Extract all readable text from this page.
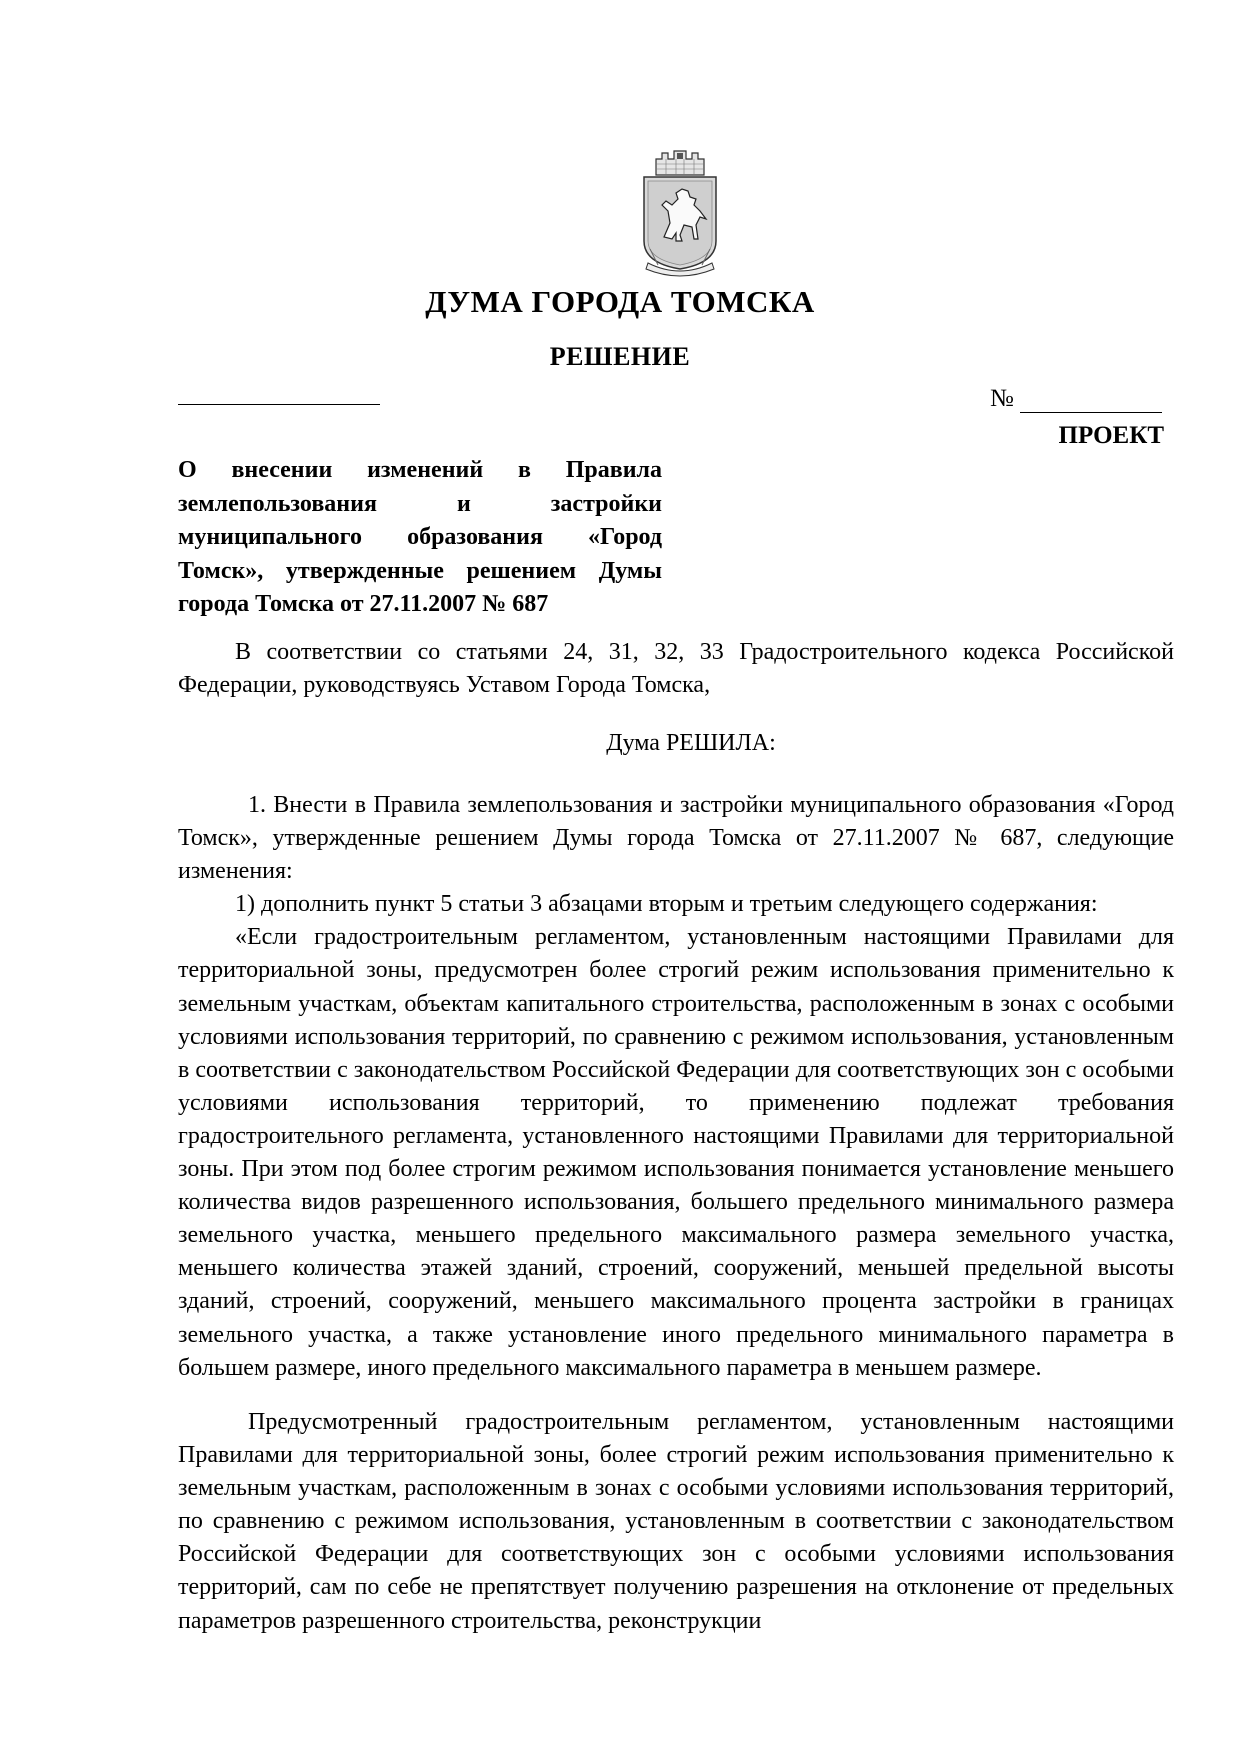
ДУМА ГОРОДА ТОМСКА
РЕШЕНИЕ
№
ПРОЕКТ
О внесении изменений в Правила
землепользования и застройки
муниципального образования «Город
Томск», утвержденные решением Думы
города Томска от 27.11.2007 № 687

В соответствии со статьями 24, 31, 32, 33 Градостроительного кодекса Российской Федерации, руководствуясь Уставом Города Томска,

Дума РЕШИЛА:

1. Внести в Правила землепользования и застройки муниципального образования «Город Томск», утвержденные решением Думы города Томска от 27.11.2007 № 687, следующие изменения:

1) дополнить пункт 5 статьи 3 абзацами вторым и третьим следующего содержания:

«Если градостроительным регламентом, установленным настоящими Правилами для территориальной зоны, предусмотрен более строгий режим использования применительно к земельным участкам, объектам капитального строительства, расположенным в зонах с особыми условиями использования территорий, по сравнению с режимом использования, установленным в соответствии с законодательством Российской Федерации для соответствующих зон с особыми условиями использования территорий, то применению подлежат требования градостроительного регламента, установленного настоящими Правилами для территориальной зоны. При этом под более строгим режимом использования понимается установление меньшего количества видов разрешенного использования, большего предельного минимального размера земельного участка, меньшего предельного максимального размера земельного участка, меньшего количества этажей зданий, строений, сооружений, меньшей предельной высоты зданий, строений, сооружений, меньшего максимального процента застройки в границах земельного участка, а также установление иного предельного минимального параметра в большем размере, иного предельного максимального параметра в меньшем размере.

Предусмотренный градостроительным регламентом, установленным настоящими Правилами для территориальной зоны, более строгий режим использования применительно к земельным участкам, расположенным в зонах с особыми условиями использования территорий, по сравнению с режимом использования, установленным в соответствии с законодательством Российской Федерации для соответствующих зон с особыми условиями использования территорий, сам по себе не препятствует получению разрешения на отклонение от предельных параметров разрешенного строительства, реконструкции
